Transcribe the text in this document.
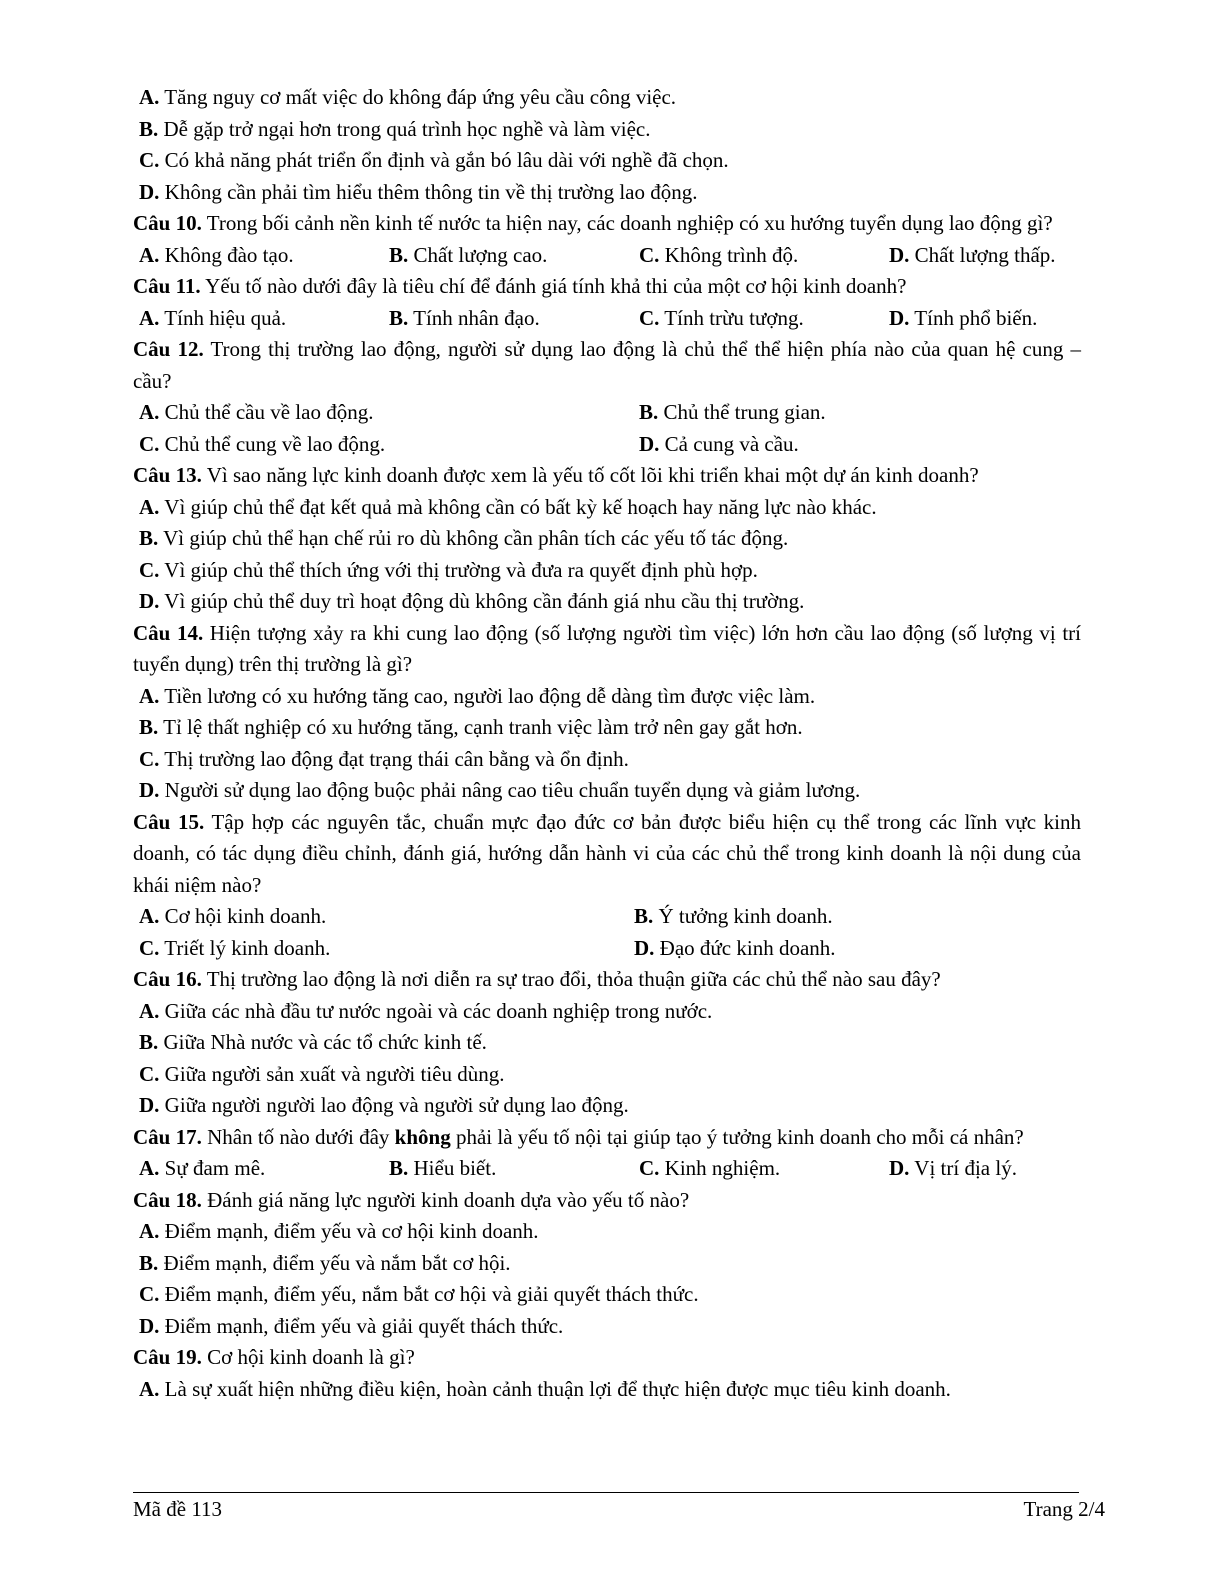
A. Tăng nguy cơ mất việc do không đáp ứng yêu cầu công việc.
B. Dễ gặp trở ngại hơn trong quá trình học nghề và làm việc.
C. Có khả năng phát triển ổn định và gắn bó lâu dài với nghề đã chọn.
D. Không cần phải tìm hiểu thêm thông tin về thị trường lao động.
Câu 10. Trong bối cảnh nền kinh tế nước ta hiện nay, các doanh nghiệp có xu hướng tuyển dụng lao động gì?
A. Không đào tạo.	B. Chất lượng cao.	C. Không trình độ.	D. Chất lượng thấp.
Câu 11. Yếu tố nào dưới đây là tiêu chí để đánh giá tính khả thi của một cơ hội kinh doanh?
A. Tính hiệu quả.	B. Tính nhân đạo.	C. Tính trừu tượng.	D. Tính phổ biến.
Câu 12. Trong thị trường lao động, người sử dụng lao động là chủ thể thể hiện phía nào của quan hệ cung – cầu?
A. Chủ thể cầu về lao động.	B. Chủ thể trung gian.
C. Chủ thể cung về lao động.	D. Cả cung và cầu.
Câu 13. Vì sao năng lực kinh doanh được xem là yếu tố cốt lõi khi triển khai một dự án kinh doanh?
A. Vì giúp chủ thể đạt kết quả mà không cần có bất kỳ kế hoạch hay năng lực nào khác.
B. Vì giúp chủ thể hạn chế rủi ro dù không cần phân tích các yếu tố tác động.
C. Vì giúp chủ thể thích ứng với thị trường và đưa ra quyết định phù hợp.
D. Vì giúp chủ thể duy trì hoạt động dù không cần đánh giá nhu cầu thị trường.
Câu 14. Hiện tượng xảy ra khi cung lao động (số lượng người tìm việc) lớn hơn cầu lao động (số lượng vị trí tuyển dụng) trên thị trường là gì?
A. Tiền lương có xu hướng tăng cao, người lao động dễ dàng tìm được việc làm.
B. Tỉ lệ thất nghiệp có xu hướng tăng, cạnh tranh việc làm trở nên gay gắt hơn.
C. Thị trường lao động đạt trạng thái cân bằng và ổn định.
D. Người sử dụng lao động buộc phải nâng cao tiêu chuẩn tuyển dụng và giảm lương.
Câu 15. Tập hợp các nguyên tắc, chuẩn mực đạo đức cơ bản được biểu hiện cụ thể trong các lĩnh vực kinh doanh, có tác dụng điều chỉnh, đánh giá, hướng dẫn hành vi của các chủ thể trong kinh doanh là nội dung của khái niệm nào?
A. Cơ hội kinh doanh.	B. Ý tưởng kinh doanh.
C. Triết lý kinh doanh.	D. Đạo đức kinh doanh.
Câu 16. Thị trường lao động là nơi diễn ra sự trao đổi, thỏa thuận giữa các chủ thể nào sau đây?
A. Giữa các nhà đầu tư nước ngoài và các doanh nghiệp trong nước.
B. Giữa Nhà nước và các tổ chức kinh tế.
C. Giữa người sản xuất và người tiêu dùng.
D. Giữa người người lao động và người sử dụng lao động.
Câu 17. Nhân tố nào dưới đây không phải là yếu tố nội tại giúp tạo ý tưởng kinh doanh cho mỗi cá nhân?
A. Sự đam mê.	B. Hiểu biết.	C. Kinh nghiệm.	D. Vị trí địa lý.
Câu 18. Đánh giá năng lực người kinh doanh dựa vào yếu tố nào?
A. Điểm mạnh, điểm yếu và cơ hội kinh doanh.
B. Điểm mạnh, điểm yếu và nắm bắt cơ hội.
C. Điểm mạnh, điểm yếu, nắm bắt cơ hội và giải quyết thách thức.
D. Điểm mạnh, điểm yếu và giải quyết thách thức.
Câu 19. Cơ hội kinh doanh là gì?
A. Là sự xuất hiện những điều kiện, hoàn cảnh thuận lợi để thực hiện được mục tiêu kinh doanh.
Mã đề 113	Trang 2/4
